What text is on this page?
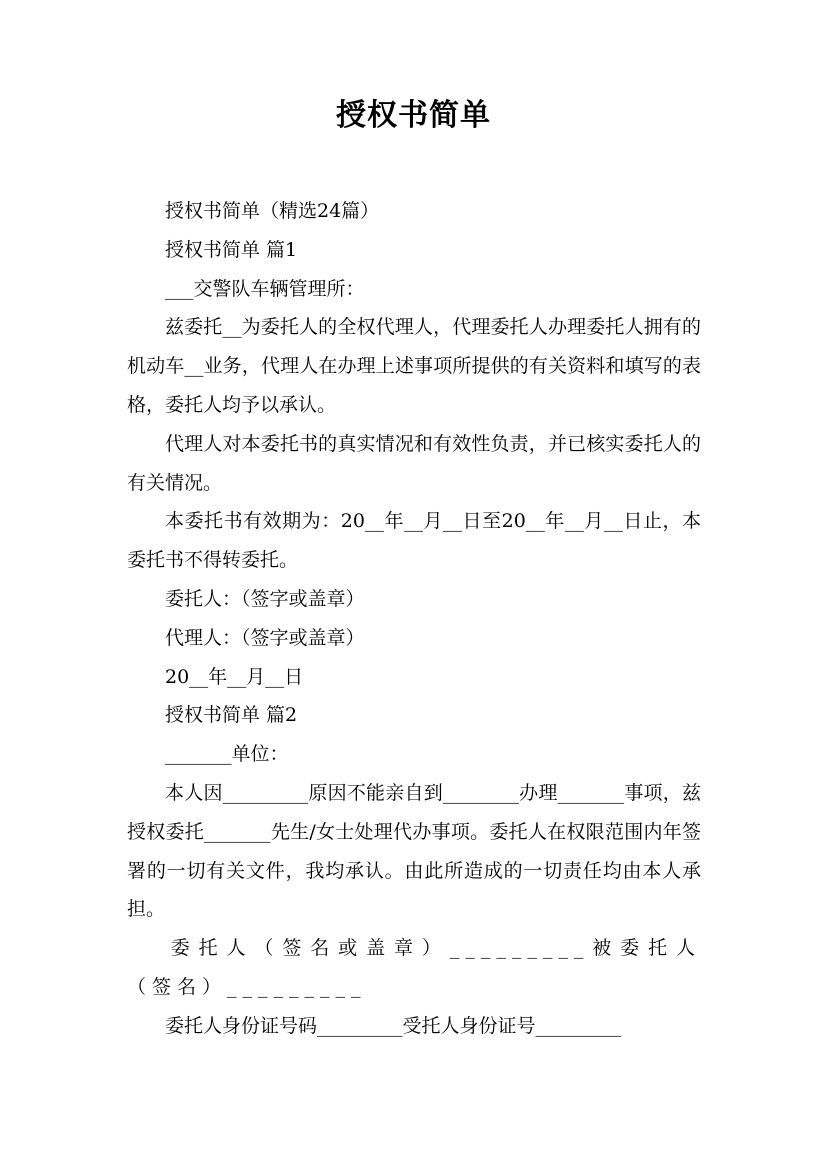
授权书简单

授权书简单（精选24篇）

授权书简单 篇1

___交警队车辆管理所：

兹委托__为委托人的全权代理人，代理委托人办理委托人拥有的机动车__业务，代理人在办理上述事项所提供的有关资料和填写的表格，委托人均予以承认。

代理人对本委托书的真实情况和有效性负责，并已核实委托人的有关情况。

本委托书有效期为：20__年__月__日至20__年__月__日止，本委托书不得转委托。

委托人：（签字或盖章）

代理人：（签字或盖章）

20__年__月__日

授权书简单 篇2

_______单位：

本人因_________原因不能亲自到________办理_______事项，兹授权委托_______先生/女士处理代办事项。委托人在权限范围内年签署的一切有关文件，我均承认。由此所造成的一切责任均由本人承担。

委托人（签名或盖章）_________被委托人（签名）_________

委托人身份证号码_________受托人身份证号_________
